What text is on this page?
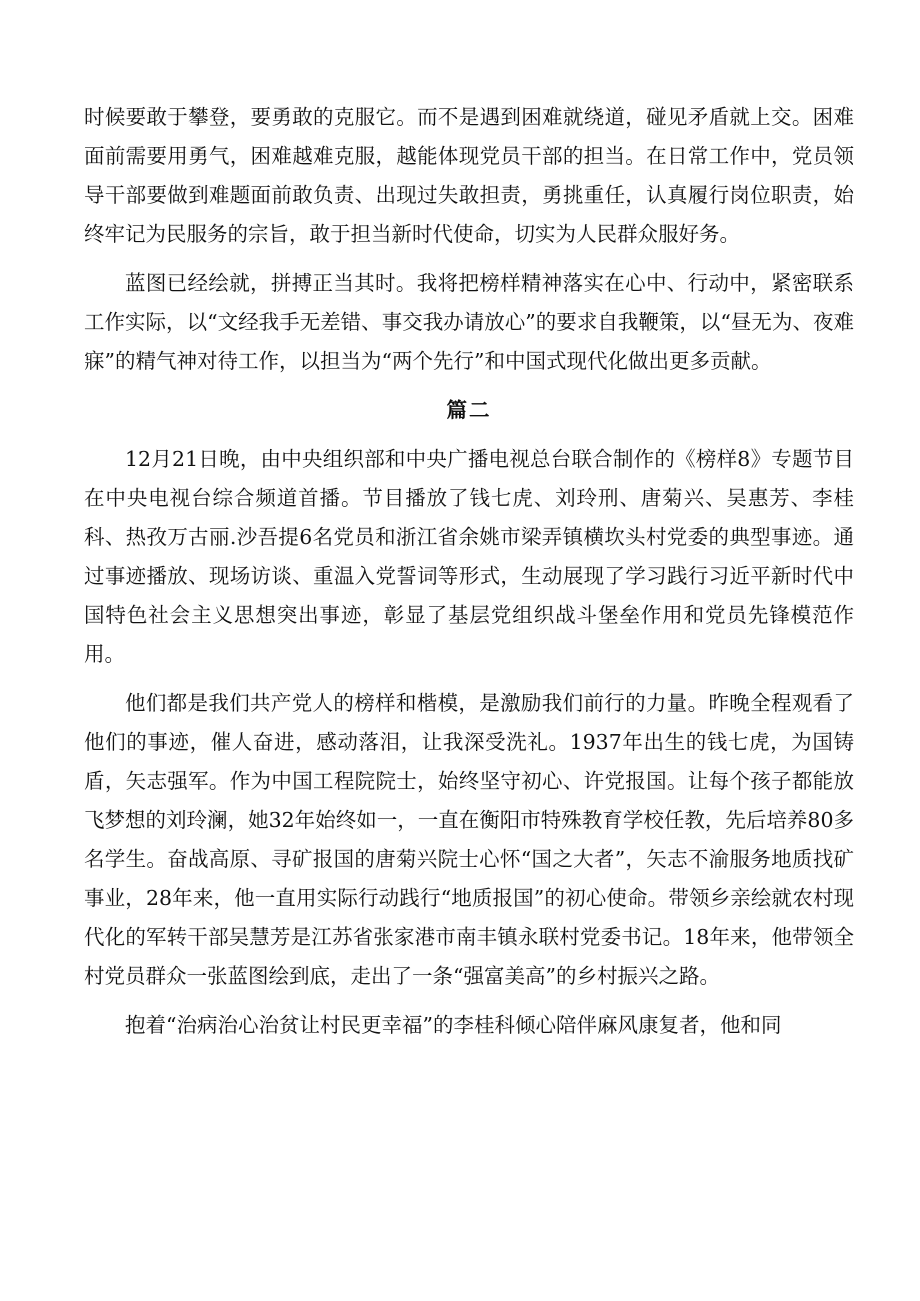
时候要敢于攀登，要勇敢的克服它。而不是遇到困难就绕道，碰见矛盾就上交。困难面前需要用勇气，困难越难克服，越能体现党员干部的担当。在日常工作中，党员领导干部要做到难题面前敢负责、出现过失敢担责，勇挑重任，认真履行岗位职责，始终牢记为民服务的宗旨，敢于担当新时代使命，切实为人民群众服好务。

蓝图已经绘就，拼搏正当其时。我将把榜样精神落实在心中、行动中，紧密联系工作实际，以“文经我手无差错、事交我办请放心”的要求自我鞭策，以“昼无为、夜难寐”的精气神对待工作，以担当为“两个先行”和中国式现代化做出更多贡献。

篇二

12月21日晚，由中央组织部和中央广播电视总台联合制作的《榜样8》专题节目在中央电视台综合频道首播。节目播放了钱七虎、刘玲刑、唐菊兴、吴惠芳、李桂科、热孜万古丽.沙吾提6名党员和浙江省余姚市梁弄镇横坎头村党委的典型事迹。通过事迹播放、现场访谈、重温入党誓词等形式，生动展现了学习践行习近平新时代中国特色社会主义思想突出事迹，彰显了基层党组织战斗堡垒作用和党员先锋模范作用。

他们都是我们共产党人的榜样和楷模，是激励我们前行的力量。昨晚全程观看了他们的事迹，催人奋进，感动落泪，让我深受洗礼。1937年出生的钱七虎，为国铸盾，矢志强军。作为中国工程院院士，始终坚守初心、许党报国。让每个孩子都能放飞梦想的刘玲澜，她32年始终如一，一直在衡阳市特殊教育学校任教，先后培养80多名学生。奋战高原、寻矿报国的唐菊兴院士心怀“国之大者”，矢志不渝服务地质找矿事业，28年来，他一直用实际行动践行“地质报国”的初心使命。带领乡亲绘就农村现代化的军转干部吴慧芳是江苏省张家港市南丰镇永联村党委书记。18年来，他带领全村党员群众一张蓝图绘到底，走出了一条“强富美高”的乡村振兴之路。

抱着“治病治心治贫让村民更幸福”的李桂科倾心陪伴麻风康复者，他和同
